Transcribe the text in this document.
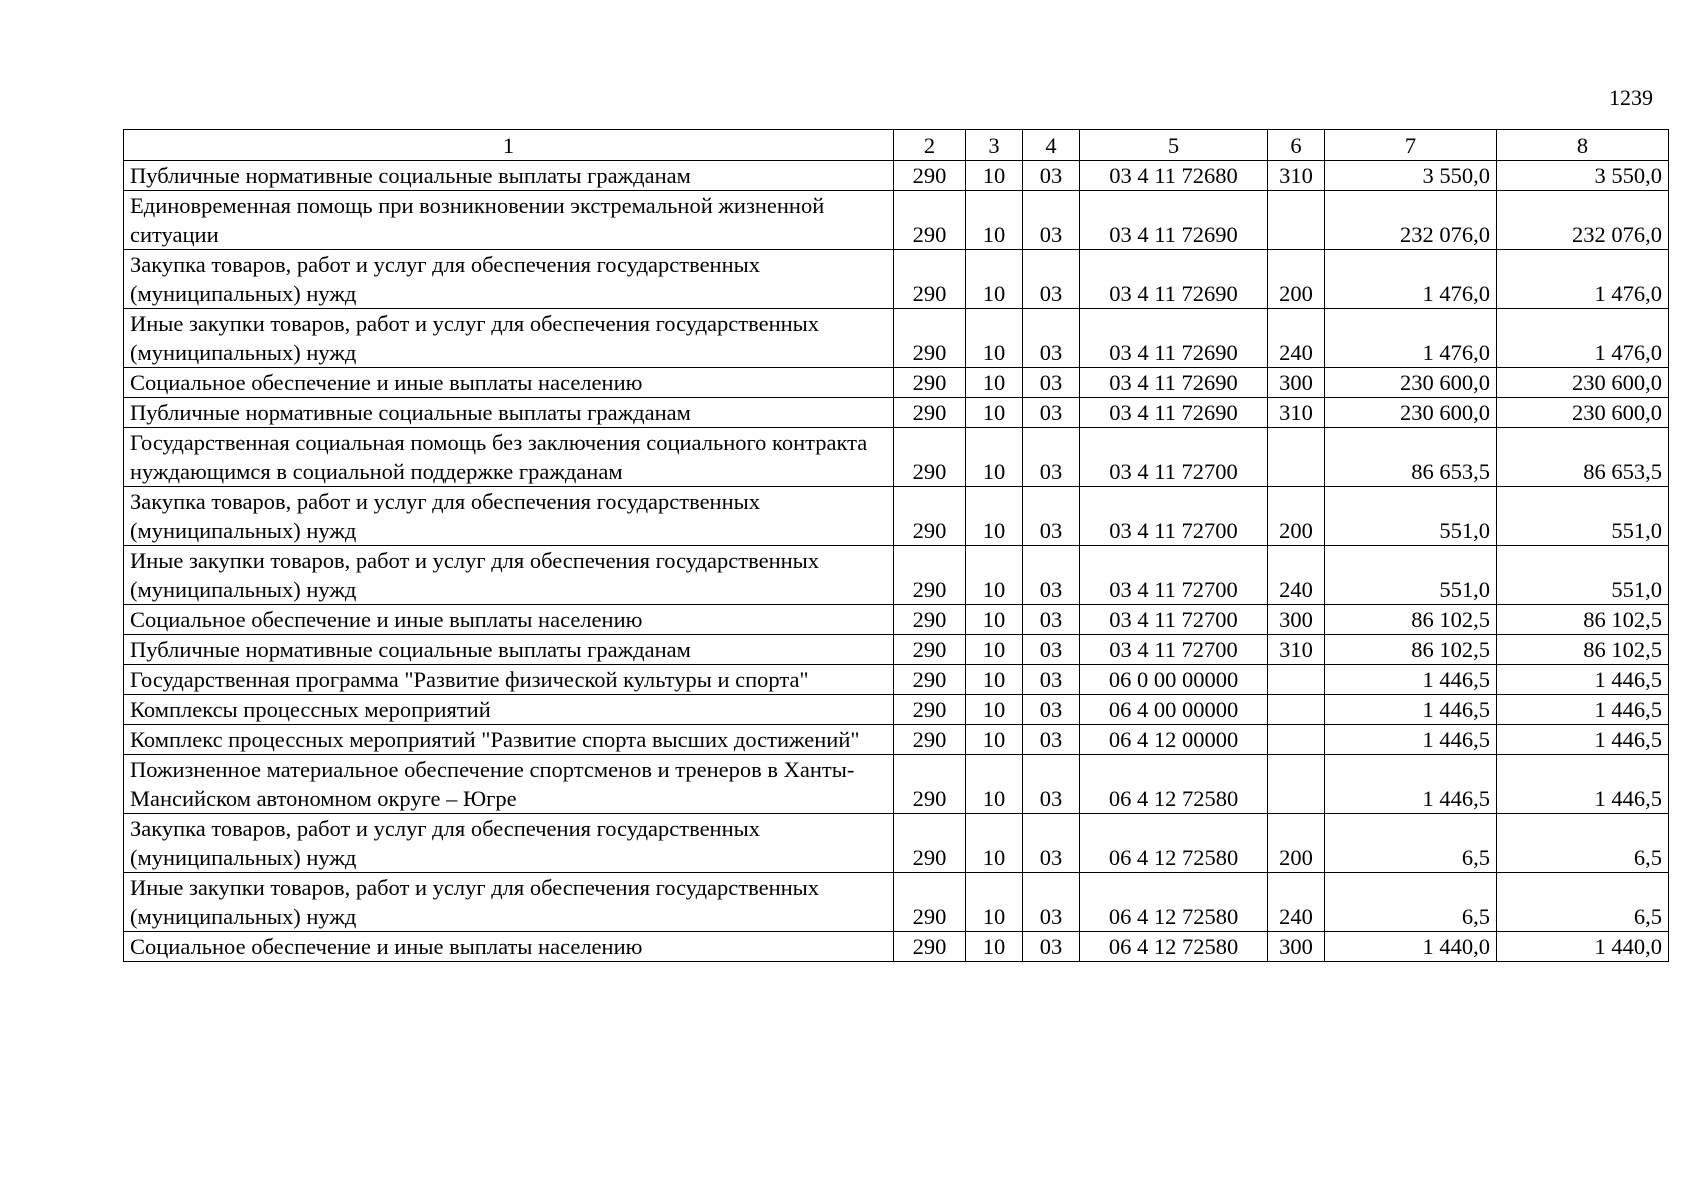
1239
1	2	3	4	5	6	7	8
Публичные нормативные социальные выплаты гражданам	290	10	03	03 4 11 72680	310	3 550,0	3 550,0
Единовременная помощь при возникновении экстремальной жизненной ситуации	290	10	03	03 4 11 72690		232 076,0	232 076,0
Закупка товаров, работ и услуг для обеспечения государственных (муниципальных) нужд	290	10	03	03 4 11 72690	200	1 476,0	1 476,0
Иные закупки товаров, работ и услуг для обеспечения государственных (муниципальных) нужд	290	10	03	03 4 11 72690	240	1 476,0	1 476,0
Социальное обеспечение и иные выплаты населению	290	10	03	03 4 11 72690	300	230 600,0	230 600,0
Публичные нормативные социальные выплаты гражданам	290	10	03	03 4 11 72690	310	230 600,0	230 600,0
Государственная социальная помощь без заключения социального контракта нуждающимся в социальной поддержке гражданам	290	10	03	03 4 11 72700		86 653,5	86 653,5
Закупка товаров, работ и услуг для обеспечения государственных (муниципальных) нужд	290	10	03	03 4 11 72700	200	551,0	551,0
Иные закупки товаров, работ и услуг для обеспечения государственных (муниципальных) нужд	290	10	03	03 4 11 72700	240	551,0	551,0
Социальное обеспечение и иные выплаты населению	290	10	03	03 4 11 72700	300	86 102,5	86 102,5
Публичные нормативные социальные выплаты гражданам	290	10	03	03 4 11 72700	310	86 102,5	86 102,5
Государственная программа "Развитие физической культуры и спорта"	290	10	03	06 0 00 00000		1 446,5	1 446,5
Комплексы процессных мероприятий	290	10	03	06 4 00 00000		1 446,5	1 446,5
Комплекс процессных мероприятий "Развитие спорта высших достижений"	290	10	03	06 4 12 00000		1 446,5	1 446,5
Пожизненное материальное обеспечение спортсменов и тренеров в Ханты-Мансийском автономном округе – Югре	290	10	03	06 4 12 72580		1 446,5	1 446,5
Закупка товаров, работ и услуг для обеспечения государственных (муниципальных) нужд	290	10	03	06 4 12 72580	200	6,5	6,5
Иные закупки товаров, работ и услуг для обеспечения государственных (муниципальных) нужд	290	10	03	06 4 12 72580	240	6,5	6,5
Социальное обеспечение и иные выплаты населению	290	10	03	06 4 12 72580	300	1 440,0	1 440,0
